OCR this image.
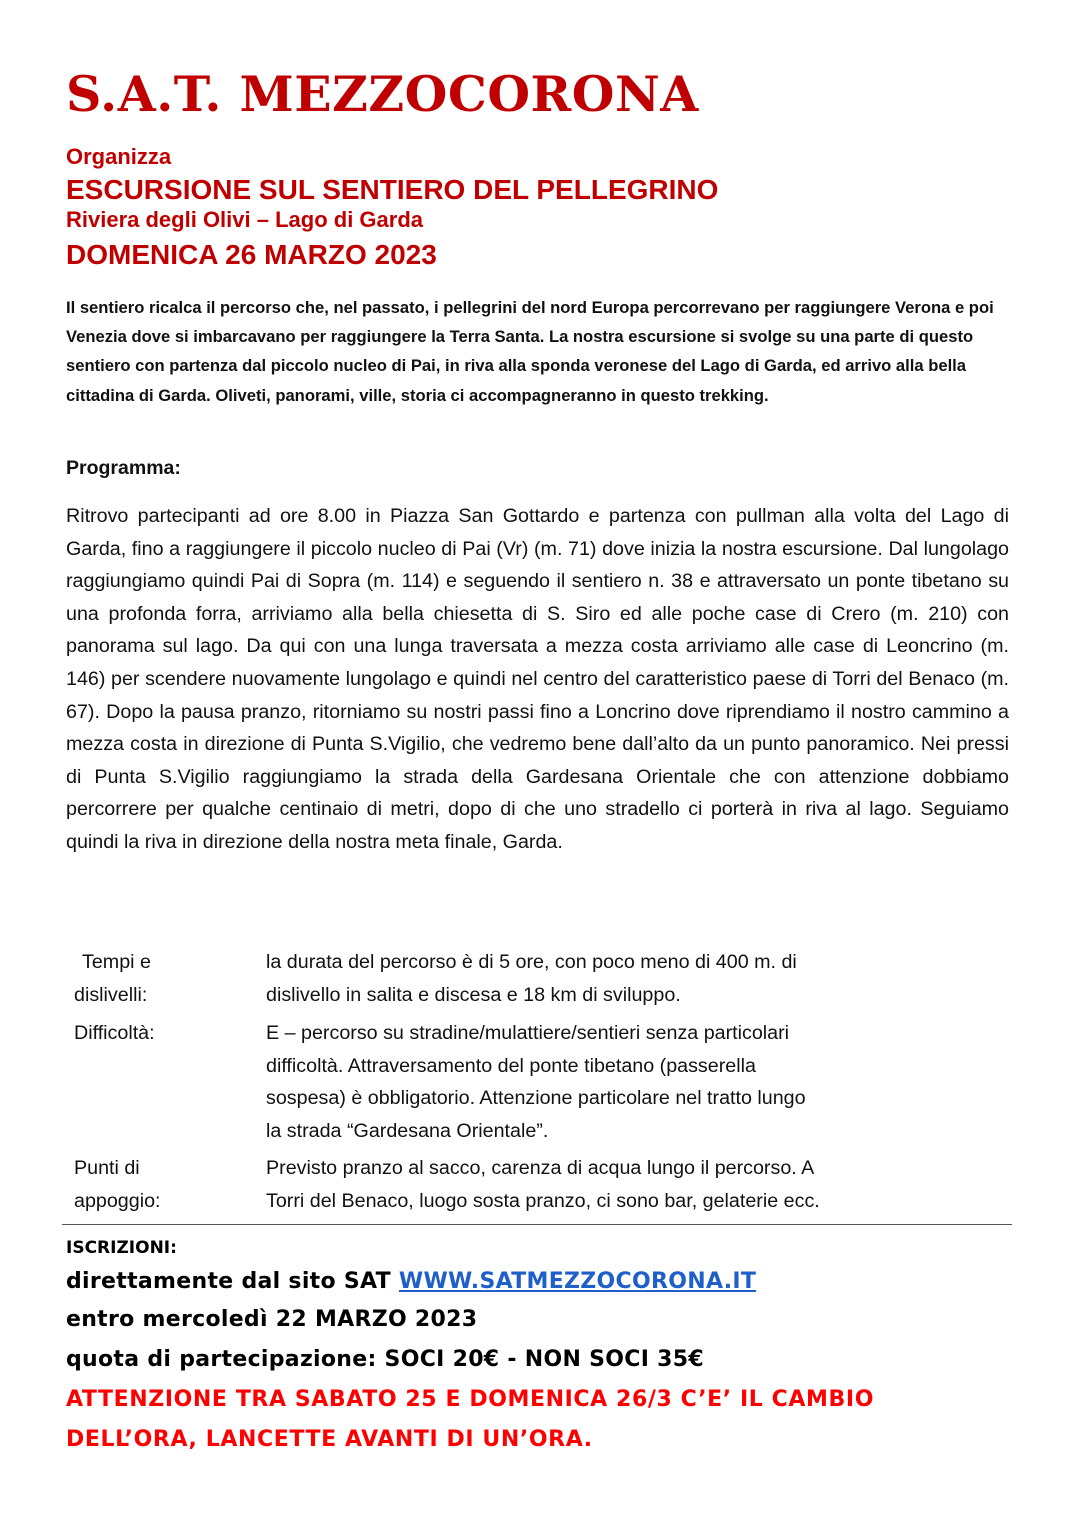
S.A.T. MEZZOCORONA
Organizza
ESCURSIONE SUL SENTIERO DEL PELLEGRINO
Riviera degli Olivi – Lago di Garda
DOMENICA 26 MARZO 2023

Il sentiero ricalca il percorso che, nel passato, i pellegrini del nord Europa percorrevano per raggiungere Verona e poi Venezia dove si imbarcavano per raggiungere la Terra Santa. La nostra escursione si svolge su una parte di questo sentiero con partenza dal piccolo nucleo di Pai, in riva alla sponda veronese del Lago di Garda, ed arrivo alla bella cittadina di Garda. Oliveti, panorami, ville, storia ci accompagneranno in questo trekking.

Programma:

Ritrovo partecipanti ad ore 8.00 in Piazza San Gottardo e partenza con pullman alla volta del Lago di Garda, fino a raggiungere il piccolo nucleo di Pai (Vr) (m. 71) dove inizia la nostra escursione. Dal lungolago raggiungiamo quindi Pai di Sopra (m. 114) e seguendo il sentiero n. 38 e attraversato un ponte tibetano su una profonda forra, arriviamo alla bella chiesetta di S. Siro ed alle poche case di Crero (m. 210) con panorama sul lago. Da qui con una lunga traversata a mezza costa arriviamo alle case di Leoncrino (m. 146) per scendere nuovamente lungolago e quindi nel centro del caratteristico paese di Torri del Benaco (m. 67). Dopo la pausa pranzo, ritorniamo su nostri passi fino a Loncrino dove riprendiamo il nostro cammino a mezza costa in direzione di Punta S.Vigilio, che vedremo bene dall’alto da un punto panoramico. Nei pressi di Punta S.Vigilio raggiungiamo la strada della Gardesana Orientale che con attenzione dobbiamo percorrere per qualche centinaio di metri, dopo di che uno stradello ci porterà in riva al lago. Seguiamo quindi la riva in direzione della nostra meta finale, Garda.

Tempi e
dislivelli:
la durata del percorso è di 5 ore, con poco meno di 400 m. di
dislivello in salita e discesa e 18 km di sviluppo.
Difficoltà:	E – percorso su stradine/mulattiere/sentieri senza particolari
difficoltà. Attraversamento del ponte tibetano (passerella
sospesa) è obbligatorio. Attenzione particolare nel tratto lungo
la strada “Gardesana Orientale”.
Punti di
appoggio:
Previsto pranzo al sacco, carenza di acqua lungo il percorso. A
Torri del Benaco, luogo sosta pranzo, ci sono bar, gelaterie ecc.
ISCRIZIONI:
direttamente dal sito SAT WWW.SATMEZZOCORONA.IT
entro mercoledì 22 MARZO 2023
quota di partecipazione: SOCI 20€ - NON SOCI 35€
ATTENZIONE TRA SABATO 25 E DOMENICA 26/3 C’E’ IL CAMBIO
DELL’ORA, LANCETTE AVANTI DI UN’ORA.
